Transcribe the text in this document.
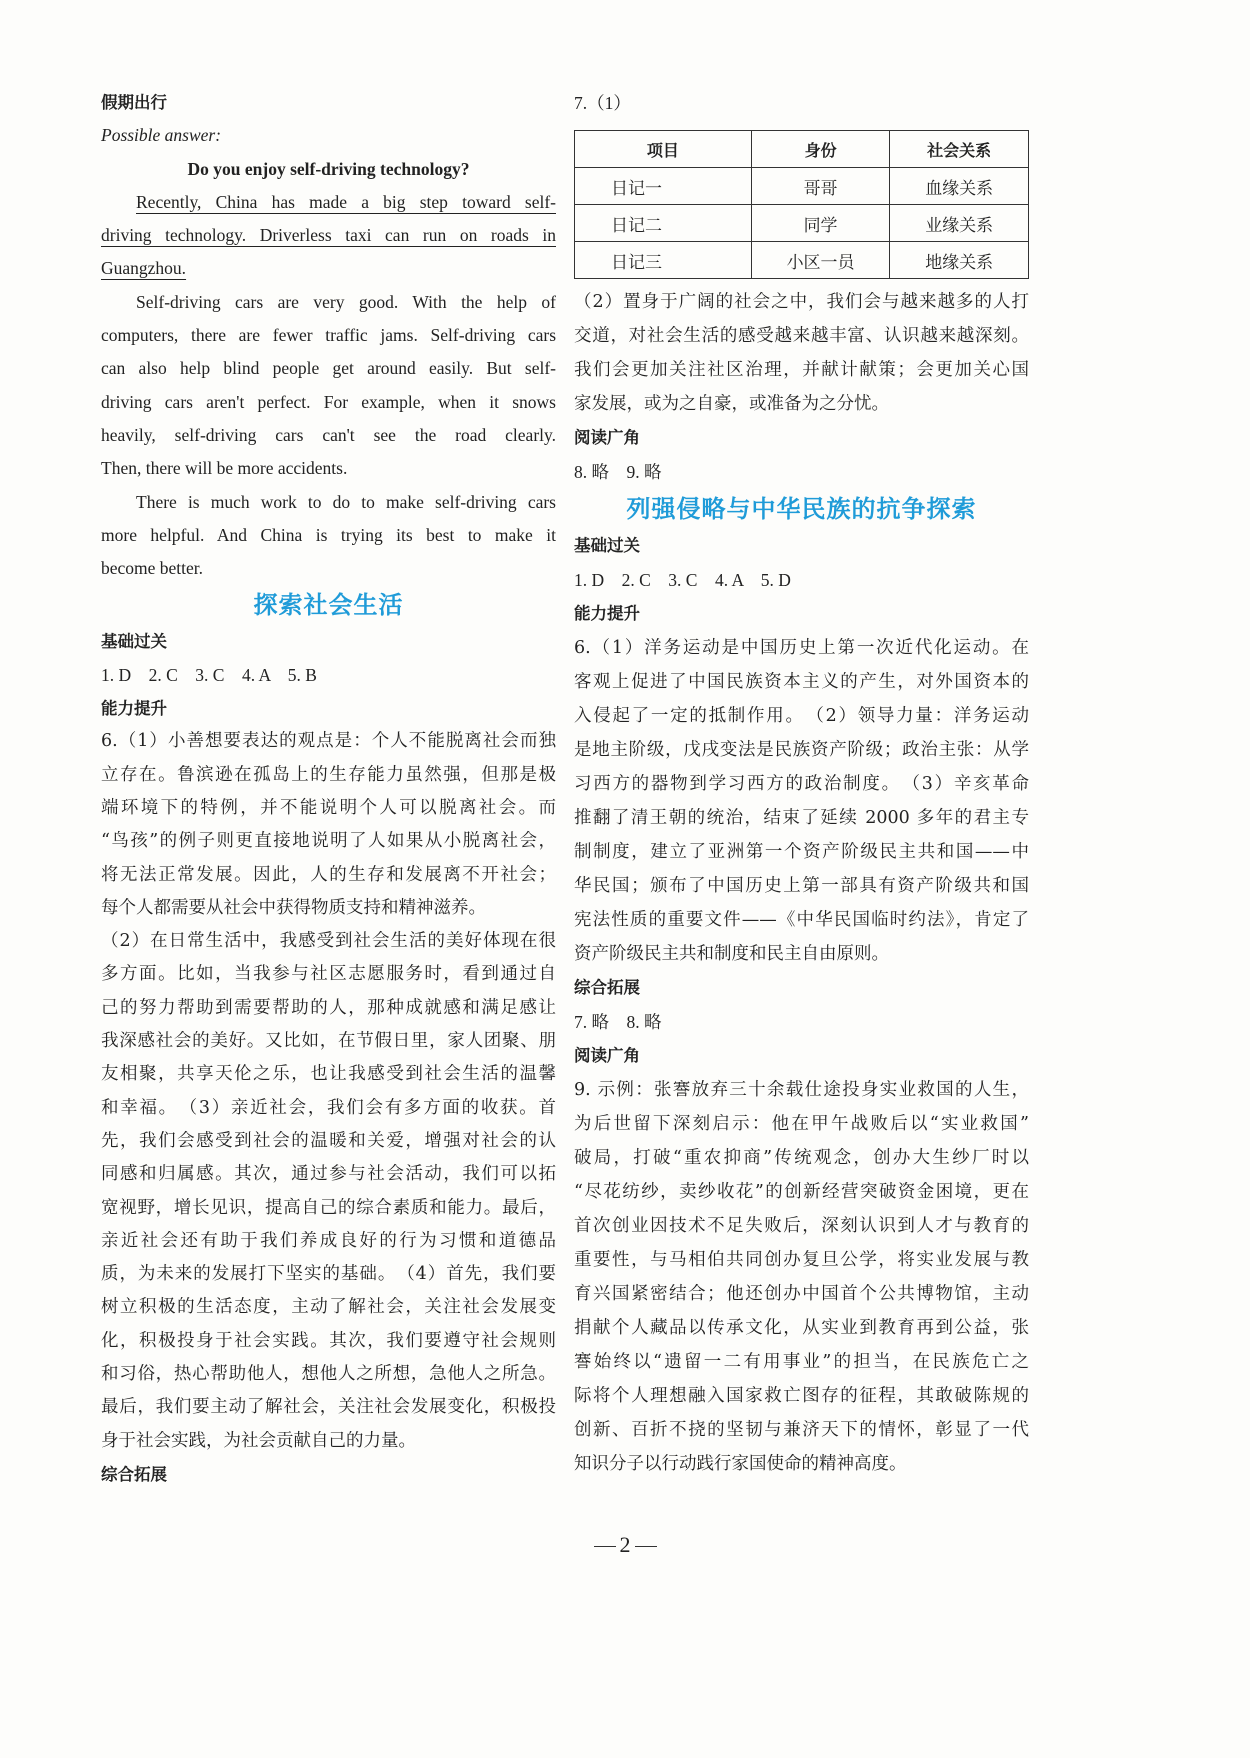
假期出行
Possible answer:
Do you enjoy self-driving technology?
Recently, China has made a big step toward self-
driving technology. Driverless taxi can run on roads in
Guangzhou.
Self-driving cars are very good. With the help of
computers, there are fewer traffic jams. Self-driving cars
can also help blind people get around easily. But self-
driving cars aren't perfect. For example, when it snows
heavily, self-driving cars can't see the road clearly.
Then, there will be more accidents.
There is much work to do to make self-driving cars
more helpful. And China is trying its best to make it
become better.
探索社会生活
基础过关
1. D　2. C　3. C　4. A　5. B
能力提升
6.（1）小善想要表达的观点是：个人不能脱离社会而独
立存在。鲁滨逊在孤岛上的生存能力虽然强，但那是极
端环境下的特例，并不能说明个人可以脱离社会。而
“鸟孩”的例子则更直接地说明了人如果从小脱离社会，
将无法正常发展。因此，人的生存和发展离不开社会；
每个人都需要从社会中获得物质支持和精神滋养。
（2）在日常生活中，我感受到社会生活的美好体现在很
多方面。比如，当我参与社区志愿服务时，看到通过自
己的努力帮助到需要帮助的人，那种成就感和满足感让
我深感社会的美好。又比如，在节假日里，家人团聚、朋
友相聚，共享天伦之乐，也让我感受到社会生活的温馨
和幸福。　（3）亲近社会，我们会有多方面的收获。首
先，我们会感受到社会的温暖和关爱，增强对社会的认
同感和归属感。其次，通过参与社会活动，我们可以拓
宽视野，增长见识，提高自己的综合素质和能力。最后，
亲近社会还有助于我们养成良好的行为习惯和道德品
质，为未来的发展打下坚实的基础。　（4）首先，我们要
树立积极的生活态度，主动了解社会，关注社会发展变
化，积极投身于社会实践。其次，我们要遵守社会规则
和习俗，热心帮助他人，想他人之所想，急他人之所急。
最后，我们要主动了解社会，关注社会发展变化，积极投
身于社会实践，为社会贡献自己的力量。
综合拓展
7.（1）
项目	身份	社会关系
日记一	哥哥	血缘关系
日记二	同学	业缘关系
日记三	小区一员	地缘关系
（2）置身于广阔的社会之中，我们会与越来越多的人打
交道，对社会生活的感受越来越丰富、认识越来越深刻。
我们会更加关注社区治理，并献计献策；会更加关心国
家发展，或为之自豪，或准备为之分忧。
阅读广角
8. 略　9. 略
列强侵略与中华民族的抗争探索
基础过关
1. D　2. C　3. C　4. A　5. D
能力提升
6.（1）洋务运动是中国历史上第一次近代化运动。在
客观上促进了中国民族资本主义的产生，对外国资本的
入侵起了一定的抵制作用。　（2）领导力量：洋务运动
是地主阶级，戊戌变法是民族资产阶级；政治主张：从学
习西方的器物到学习西方的政治制度。　（3）辛亥革命
推翻了清王朝的统治，结束了延续 2000 多年的君主专
制制度，建立了亚洲第一个资产阶级民主共和国——中
华民国；颁布了中国历史上第一部具有资产阶级共和国
宪法性质的重要文件——《中华民国临时约法》，肯定了
资产阶级民主共和制度和民主自由原则。
综合拓展
7. 略　8. 略
阅读广角
9. 示例：张謇放弃三十余载仕途投身实业救国的人生，
为后世留下深刻启示：他在甲午战败后以“实业救国”
破局，打破“重农抑商”传统观念，创办大生纱厂时以
“尽花纺纱，卖纱收花”的创新经营突破资金困境，更在
首次创业因技术不足失败后，深刻认识到人才与教育的
重要性，与马相伯共同创办复旦公学，将实业发展与教
育兴国紧密结合；他还创办中国首个公共博物馆，主动
捐献个人藏品以传承文化，从实业到教育再到公益，张
謇始终以“遗留一二有用事业”的担当，在民族危亡之
际将个人理想融入国家救亡图存的征程，其敢破陈规的
创新、百折不挠的坚韧与兼济天下的情怀，彰显了一代
知识分子以行动践行家国使命的精神高度。
2
